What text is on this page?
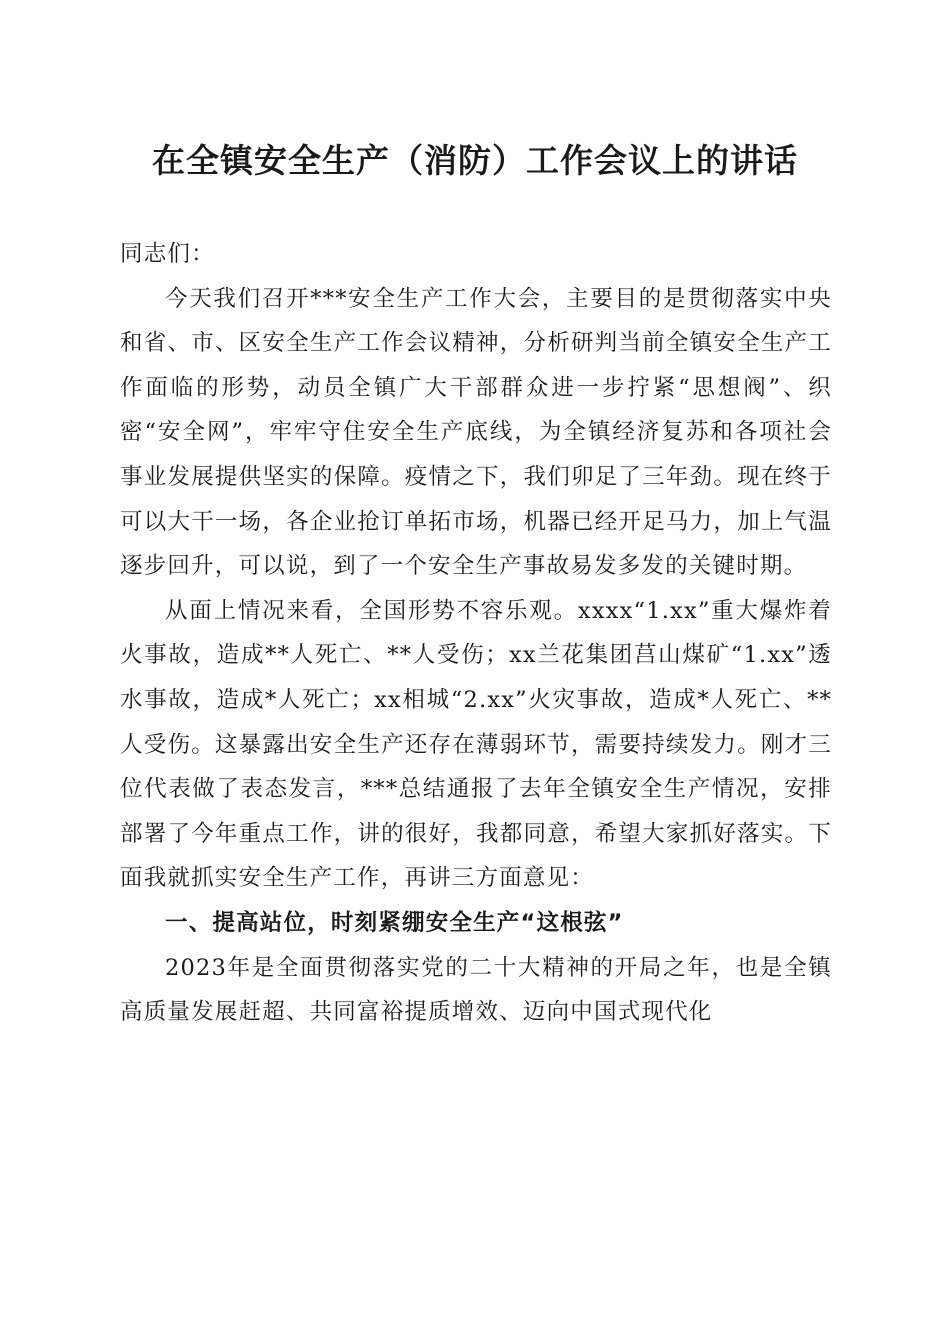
在全镇安全生产（消防）工作会议上的讲话

同志们：

今天我们召开***安全生产工作大会，主要目的是贯彻落实中央和省、市、区安全生产工作会议精神，分析研判当前全镇安全生产工作面临的形势，动员全镇广大干部群众进一步拧紧“思想阀”、织密“安全网”，牢牢守住安全生产底线，为全镇经济复苏和各项社会事业发展提供坚实的保障。疫情之下，我们卯足了三年劲。现在终于可以大干一场，各企业抢订单拓市场，机器已经开足马力，加上气温逐步回升，可以说，到了一个安全生产事故易发多发的关键时期。

从面上情况来看，全国形势不容乐观。xxxx“1.xx”重大爆炸着火事故，造成**人死亡、**人受伤；xx兰花集团莒山煤矿“1.xx”透水事故，造成*人死亡；xx相城“2.xx”火灾事故，造成*人死亡、**人受伤。这暴露出安全生产还存在薄弱环节，需要持续发力。刚才三位代表做了表态发言，***总结通报了去年全镇安全生产情况，安排部署了今年重点工作，讲的很好，我都同意，希望大家抓好落实。下面我就抓实安全生产工作，再讲三方面意见：

一、提高站位，时刻紧绷安全生产“这根弦”

2023年是全面贯彻落实党的二十大精神的开局之年，也是全镇高质量发展赶超、共同富裕提质增效、迈向中国式现代化
